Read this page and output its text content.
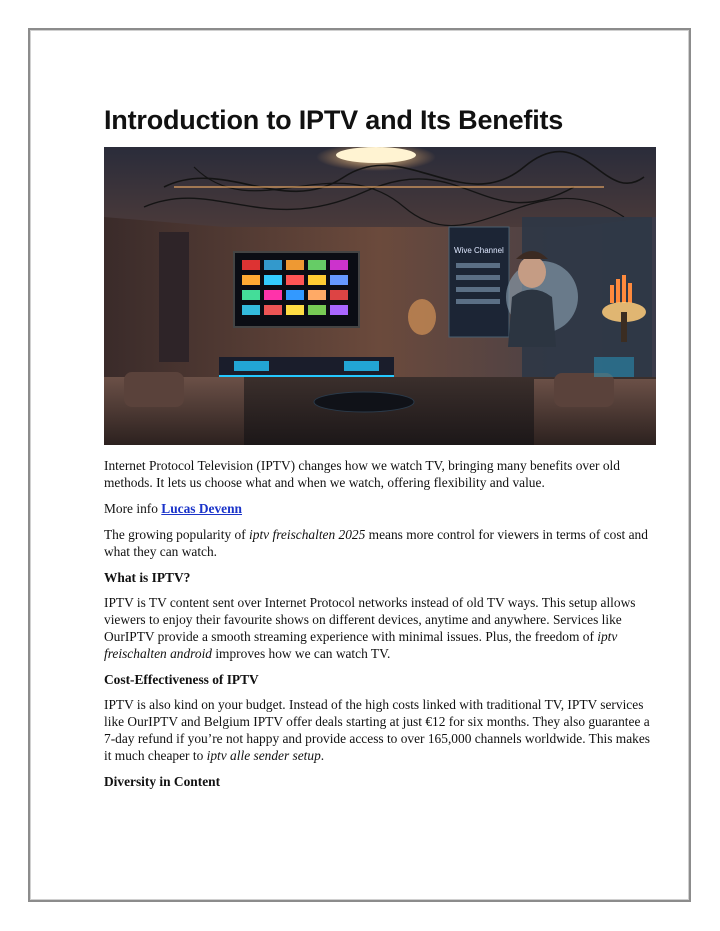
Introduction to IPTV and Its Benefits
Wive Channel

Internet Protocol Television (IPTV) changes how we watch TV, bringing many benefits over old methods. It lets us choose what and when we watch, offering flexibility and value.

More info Lucas Devenn

The growing popularity of iptv freischalten 2025 means more control for viewers in terms of cost and what they can watch.

What is IPTV?

IPTV is TV content sent over Internet Protocol networks instead of old TV ways. This setup allows viewers to enjoy their favourite shows on different devices, anytime and anywhere. Services like OurIPTV provide a smooth streaming experience with minimal issues. Plus, the freedom of iptv freischalten android improves how we can watch TV.

Cost-Effectiveness of IPTV

IPTV is also kind on your budget. Instead of the high costs linked with traditional TV, IPTV services like OurIPTV and Belgium IPTV offer deals starting at just €12 for six months. They also guarantee a 7-day refund if you’re not happy and provide access to over 165,000 channels worldwide. This makes it much cheaper to iptv alle sender setup.

Diversity in Content
